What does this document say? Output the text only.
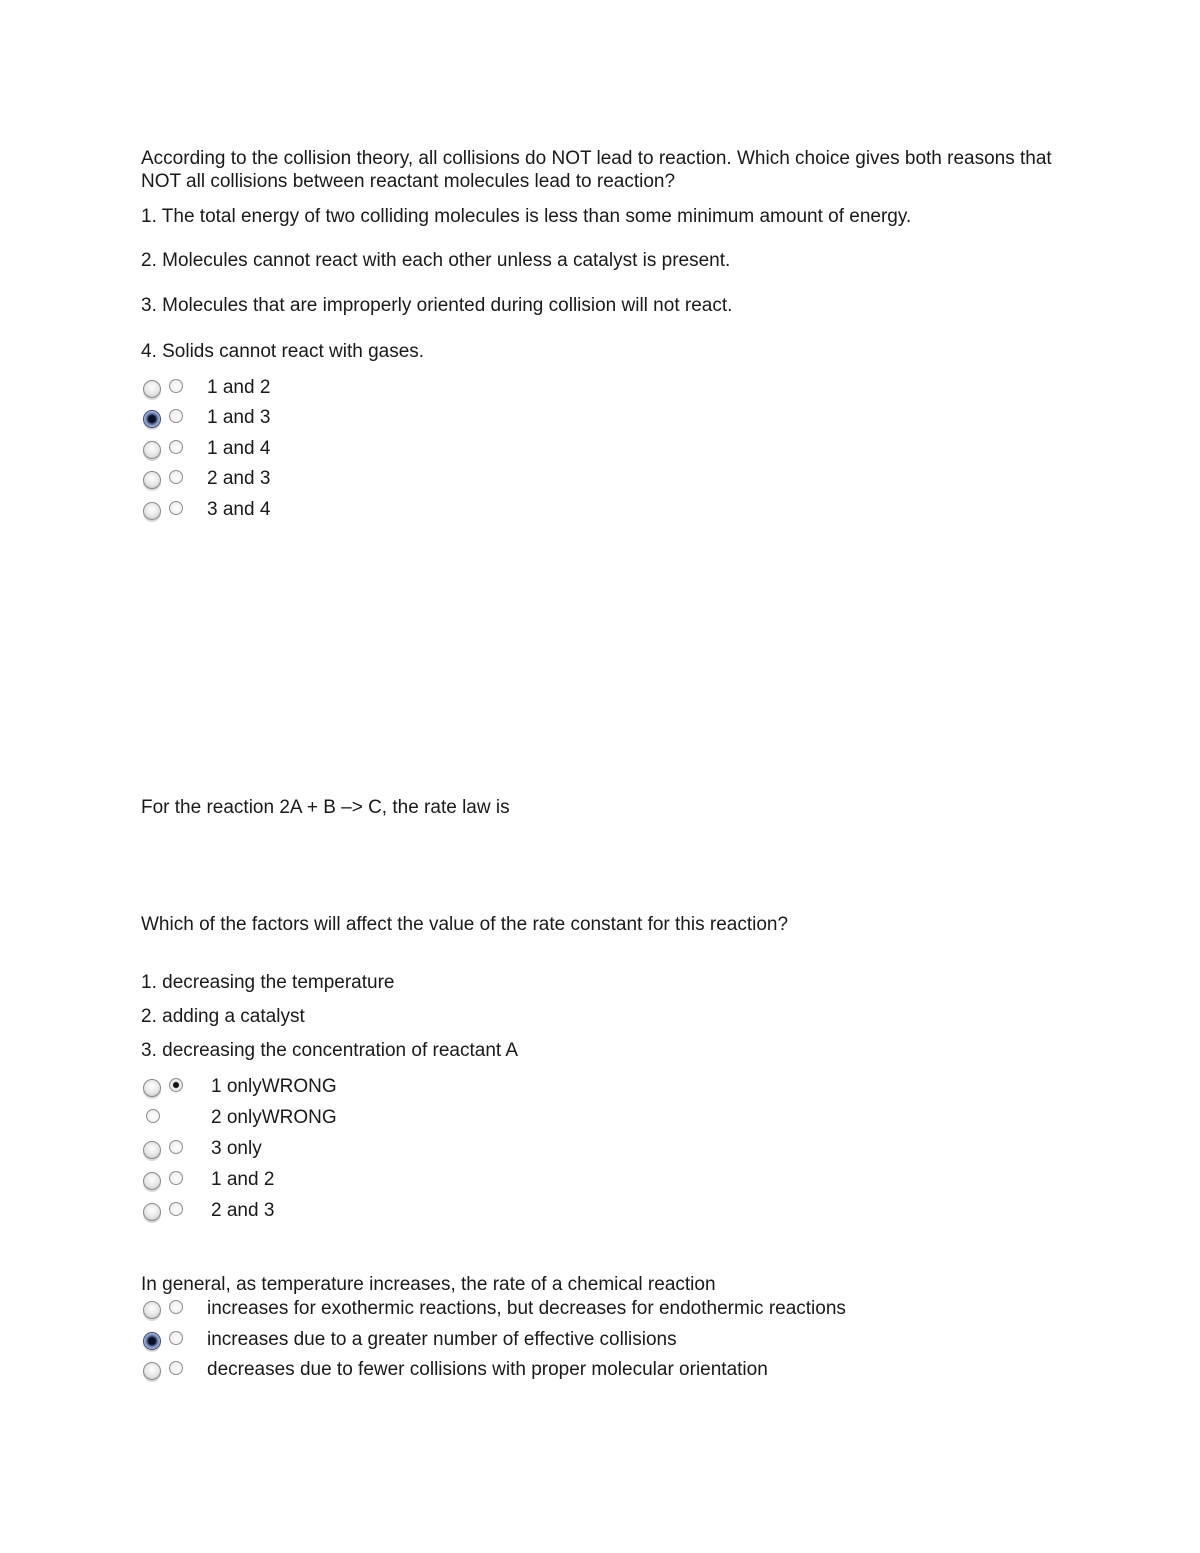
According to the collision theory, all collisions do NOT lead to reaction. Which choice gives both reasons that NOT all collisions between reactant molecules lead to reaction?
1. The total energy of two colliding molecules is less than some minimum amount of energy.
2. Molecules cannot react with each other unless a catalyst is present.
3. Molecules that are improperly oriented during collision will not react.
4. Solids cannot react with gases.
1 and 2
1 and 3
1 and 4
2 and 3
3 and 4
For the reaction 2A + B –> C, the rate law is
Which of the factors will affect the value of the rate constant for this reaction?
1. decreasing the temperature
2. adding a catalyst
3. decreasing the concentration of reactant A
1 onlyWRONG
2 onlyWRONG
3 only
1 and 2
2 and 3
In general, as temperature increases, the rate of a chemical reaction
increases for exothermic reactions, but decreases for endothermic reactions
increases due to a greater number of effective collisions
decreases due to fewer collisions with proper molecular orientation
